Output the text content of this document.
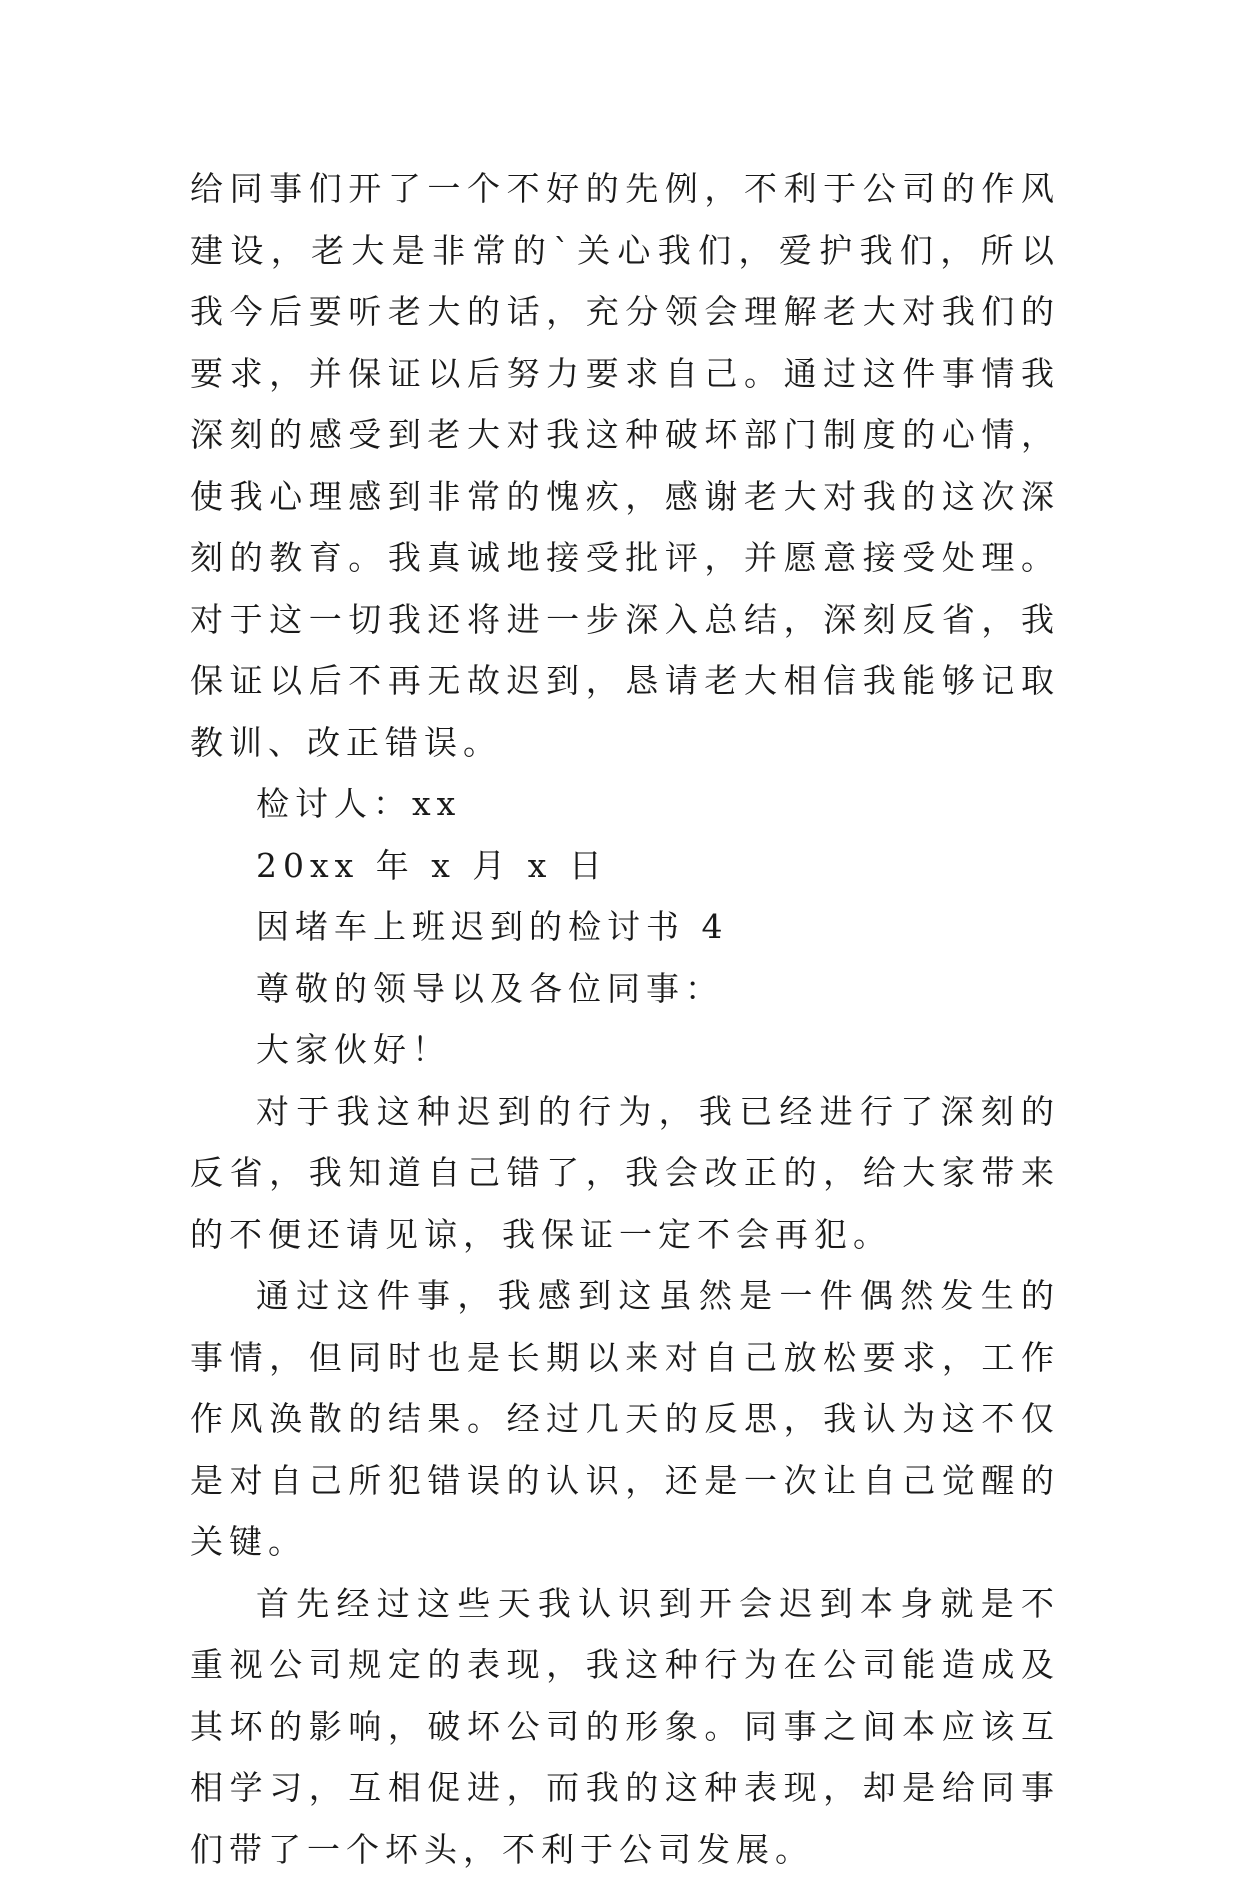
给同事们开了一个不好的先例，不利于公司的作风建设，老大是非常的`关心我们，爱护我们，所以我今后要听老大的话，充分领会理解老大对我们的要求，并保证以后努力要求自己。通过这件事情我深刻的感受到老大对我这种破坏部门制度的心情，使我心理感到非常的愧疚，感谢老大对我的这次深刻的教育。我真诚地接受批评，并愿意接受处理。对于这一切我还将进一步深入总结，深刻反省，我保证以后不再无故迟到，恳请老大相信我能够记取教训、改正错误。

检讨人：xx

20xx 年 x 月 x 日

因堵车上班迟到的检讨书 4

尊敬的领导以及各位同事：

大家伙好！

对于我这种迟到的行为，我已经进行了深刻的反省，我知道自己错了，我会改正的，给大家带来的不便还请见谅，我保证一定不会再犯。

通过这件事，我感到这虽然是一件偶然发生的事情，但同时也是长期以来对自己放松要求，工作作风涣散的结果。经过几天的反思，我认为这不仅是对自己所犯错误的认识，还是一次让自己觉醒的关键。

首先经过这些天我认识到开会迟到本身就是不重视公司规定的表现，我这种行为在公司能造成及其坏的影响，破坏公司的形象。同事之间本应该互相学习，互相促进，而我的这种表现，却是给同事们带了一个坏头，不利于公司发展。
